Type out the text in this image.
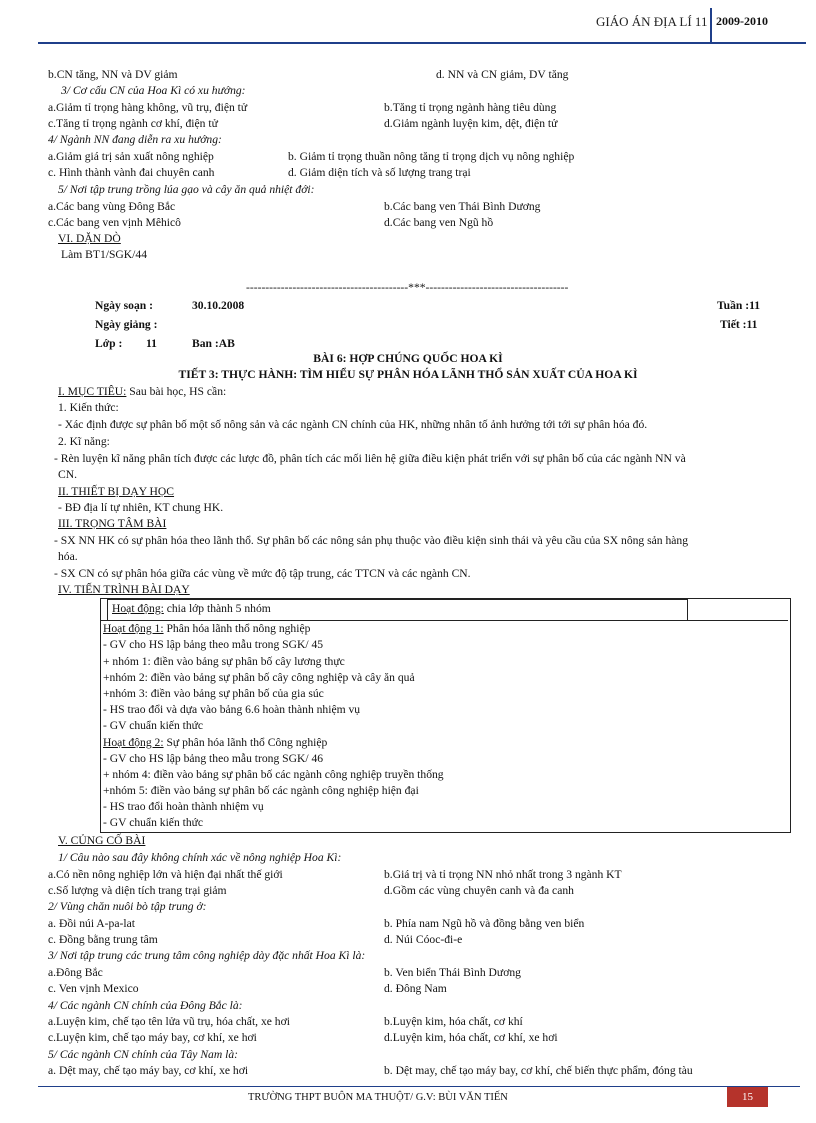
GIÁO ÁN ĐỊA LÍ 11 2009-2010
b.CN tăng, NN và DV giảm	d. NN và CN giảm, DV tăng
3/ Cơ cấu CN của Hoa Kì có xu hướng:
a.Giảm tỉ trọng hàng không, vũ trụ, điện tử	b.Tăng tỉ trọng ngành hàng tiêu dùng
c.Tăng tỉ trọng ngành cơ khí, điện tử	d.Giảm ngành luyện kim, dệt, điện tử
4/ Ngành NN đang diễn ra xu hướng:
a.Giảm giá trị sản xuất nông nghiệp	b. Giảm tỉ trọng thuần nông tăng tỉ trọng dịch vụ nông nghiệp
c. Hình thành vành đai chuyên canh	d. Giảm diện tích và số lượng trang trại
5/ Nơi tập trung trồng lúa gạo và cây ăn quả nhiệt đới:
a.Các bang vùng Đông Bắc	b.Các bang ven Thái Bình Dương
c.Các bang ven vịnh Mêhicô	d.Các bang ven Ngũ hồ
VI. DẶN DÒ
Làm BT1/SGK/44
------------------------------------------***-------------------------------------
Ngày soạn :	30.10.2008	Tuần :11
Ngày giảng :	Tiết :11
Lớp : 11	Ban :AB
BÀI 6: HỢP CHÚNG QUỐC HOA KÌ
TIẾT 3: THỰC HÀNH: TÌM HIỂU SỰ PHÂN HÓA LÃNH THỔ SẢN XUẤT CỦA HOA KÌ
I. MỤC TIÊU: Sau bài học, HS cần:
1. Kiến thức:
- Xác định được sự phân bố một số nông sản và các ngành CN chính của HK, những nhân tố ảnh hưởng tới tới sự phân hóa đó.
2. Kĩ năng:
- Rèn luyện kĩ năng phân tích được các lược đồ, phân tích các mối liên hệ giữa điều kiện phát triển với sự phân bố của các ngành NN và
CN.
II. THIẾT BỊ DẠY HỌC
- BĐ địa lí tự nhiên, KT chung HK.
III. TRỌNG TÂM BÀI
- SX NN HK có sự phân hóa theo lãnh thổ. Sự phân bố các nông sản phụ thuộc vào điều kiện sinh thái và yêu cầu của SX nông sản hàng
hóa.
- SX CN có sự phân hóa giữa các vùng về mức độ tập trung, các TTCN và các ngành CN.
IV. TIẾN TRÌNH BÀI DẠY
Hoạt động: chia lớp thành 5 nhóm
Hoạt động 1: Phân hóa lãnh thổ nông nghiệp
- GV cho HS lập bảng theo mẫu trong SGK/ 45
+ nhóm 1: điền vào bảng sự phân bố cây lương thực
+nhóm 2: điền vào bảng sự phân bố cây công nghiệp và cây ăn quả
+nhóm 3: điền vào bảng sự phân bố của gia súc
- HS trao đổi và dựa vào bảng 6.6 hoàn thành nhiệm vụ
- GV chuẩn kiến thức
Hoạt động 2: Sự phân hóa lãnh thổ Công nghiệp
- GV cho HS lập bảng theo mẫu trong SGK/ 46
+ nhóm 4: điền vào bảng sự phân bố các ngành công nghiệp truyền thống
+nhóm 5: điền vào bảng sự phân bố các ngành công nghiệp hiện đại
- HS trao đổi hoàn thành nhiệm vụ
- GV chuẩn kiến thức
V. CỦNG CỐ BÀI
1/ Câu nào sau đây không chính xác về nông nghiệp Hoa Kì:
a.Có nền nông nghiệp lớn và hiện đại nhất thế giới	b.Giá trị và tỉ trọng NN nhỏ nhất trong 3 ngành KT
c.Số lượng và diện tích trang trại giảm	d.Gồm các vùng chuyên canh và đa canh
2/ Vùng chăn nuôi bò tập trung ở:
a. Đồi núi A-pa-lat	b. Phía nam Ngũ hồ và đồng bằng ven biển
c. Đồng bằng trung tâm	d. Núi Cóoc-đi-e
3/ Nơi tập trung các trung tâm công nghiệp dày đặc nhất Hoa Kì là:
a.Đông Bắc	b. Ven biển Thái Bình Dương
c. Ven vịnh Mexico	d. Đông Nam
4/ Các ngành CN chính của Đông Bắc là:
a.Luyện kim, chế tạo tên lửa vũ trụ, hóa chất, xe hơi	b.Luyện kim, hóa chất, cơ khí
c.Luyện kim, chế tạo máy bay, cơ khí, xe hơi	d.Luyện kim, hóa chất, cơ khí, xe hơi
5/ Các ngành CN chính của Tây Nam là:
a. Dệt may, chế tạo máy bay, cơ khí, xe hơi	b. Dệt may, chế tạo máy bay, cơ khí, chế biến thực phẩm, đóng tàu
TRƯỜNG THPT BUÔN MA THUỘT/ G.V: BÙI VĂN TIẾN	15
